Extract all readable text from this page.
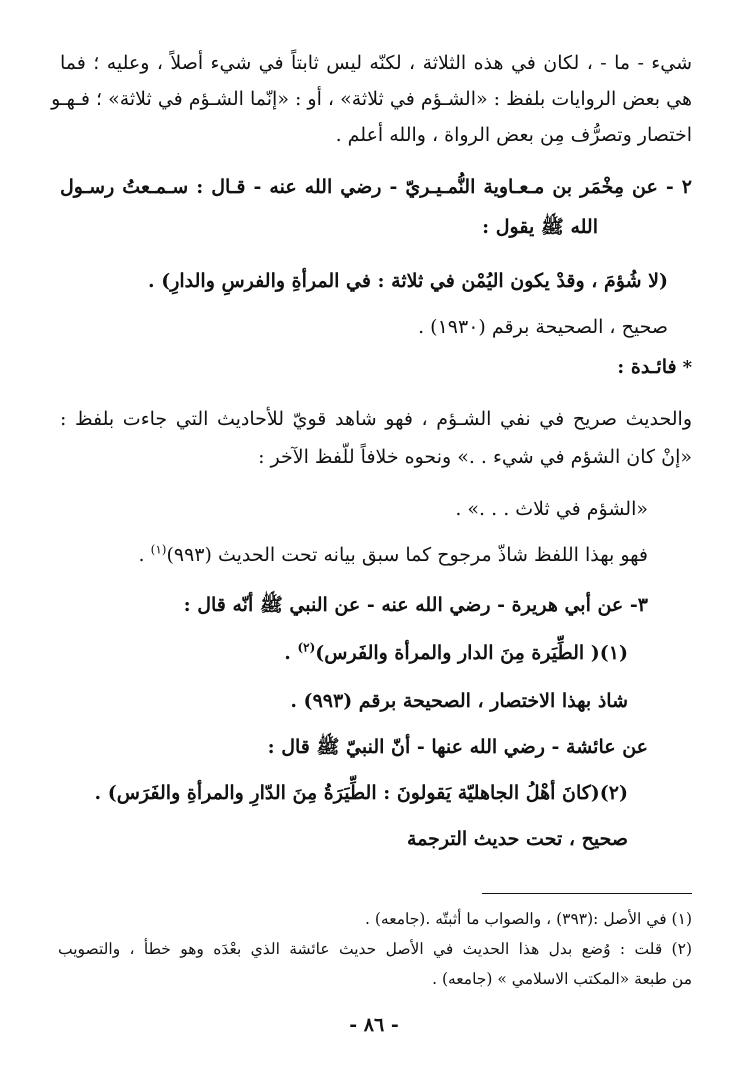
شيء - ما - ، لكان في هذه الثلاثة ، لكنّه ليس ثابتاً في شيء أصلاً ، وعليه ؛ فما
هي بعض الروايات بلفظ : «الشـؤم في ثلاثة» ، أو : «إنّما الشـؤم في ثلاثة» ؛ فـهـو
اختصار وتصرُّف مِن بعض الرواة ، والله أعلم .
٢ - عن مِخْمَر بن مـعـاوية النُّمـيـريّ - رضي الله عنه - قـال : سـمـعتُ رسـول
الله ﷺ يقول :
(لا شُؤمَ ، وقدْ يكون اليُمْن في ثلاثة : في المرأةِ والفرسِ والدارِ) .
صحيح ، الصحيحة برقم (١٩٣٠) .
*فائـدة :
والحديث صريح في نفي الشـؤم ، فهو شاهد قويّ للأحاديث التي جاءت بلفظ :
«إنْ كان الشؤم في شيء . .» ونحوه خلافاً للّفظ الآخر :
«الشؤم في ثلاث . . .» .
فهو بهذا اللفظ شاذّ مرجوح كما سبق بيانه تحت الحديث (٩٩٣)$^{(١)}$ .
٣- عن أبي هريرة - رضي الله عنه - عن النبي ﷺ أنّه قال :
(١)( الطِّيَرة مِنَ الدار والمرأة والفَرس)$^{(٢)}$ .
شاذ بهذا الاختصار ، الصحيحة برقم (٩٩٣) .
عن عائشة - رضي الله عنها - أنّ النبيّ ﷺ قال :
(٢)(كانَ أهْلُ الجاهليّة يَقولونَ : الطِّيَرَةُ مِنَ الدّارِ والمرأةِ والفَرَس) .
صحيح ، تحت حديث الترجمة
(١) في الأصل :(٣٩٣) ، والصواب ما أثبتّه .(جامعه) .
(٢) قلت : وُضع بدل هذا الحديث في الأصل حديث عائشة الذي بعْدَه وهو خطأ ، والتصويب
من طبعة «المكتب الاسلامي » (جامعه) .
- ٨٦ -
